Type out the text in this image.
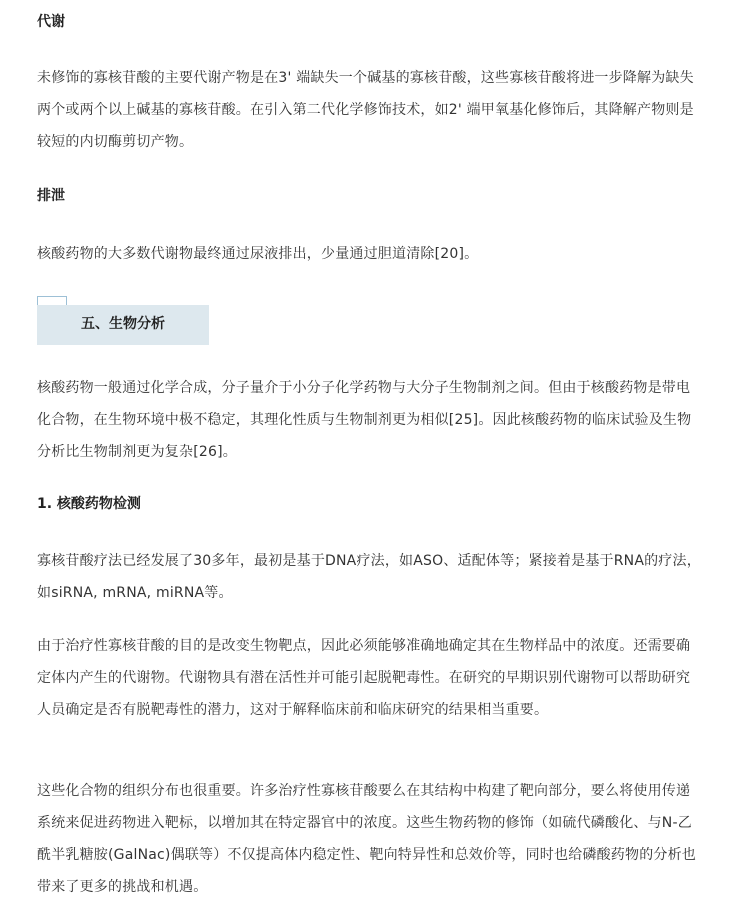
代谢

未修饰的寡核苷酸的主要代谢产物是在3' 端缺失一个碱基的寡核苷酸，这些寡核苷酸将进一步降解为缺失两个或两个以上碱基的寡核苷酸。在引入第二代化学修饰技术，如2' 端甲氧基化修饰后，其降解产物则是较短的内切酶剪切产物。

排泄

核酸药物的大多数代谢物最终通过尿液排出，少量通过胆道清除[20]。

五、生物分析

核酸药物一般通过化学合成，分子量介于小分子化学药物与大分子生物制剂之间。但由于核酸药物是带电化合物，在生物环境中极不稳定，其理化性质与生物制剂更为相似[25]。因此核酸药物的临床试验及生物分析比生物制剂更为复杂[26]。

1. 核酸药物检测

寡核苷酸疗法已经发展了30多年，最初是基于DNA疗法，如ASO、适配体等；紧接着是基于RNA的疗法，如siRNA, mRNA, miRNA等。

由于治疗性寡核苷酸的目的是改变生物靶点，因此必须能够准确地确定其在生物样品中的浓度。还需要确定体内产生的代谢物。代谢物具有潜在活性并可能引起脱靶毒性。在研究的早期识别代谢物可以帮助研究人员确定是否有脱靶毒性的潜力，这对于解释临床前和临床研究的结果相当重要。

这些化合物的组织分布也很重要。许多治疗性寡核苷酸要么在其结构中构建了靶向部分，要么将使用传递系统来促进药物进入靶标，以增加其在特定器官中的浓度。这些生物药物的修饰（如硫代磷酸化、与N-乙酰半乳糖胺(GalNac)偶联等）不仅提高体内稳定性、靶向特异性和总效价等，同时也给磷酸药物的分析也带来了更多的挑战和机遇。
